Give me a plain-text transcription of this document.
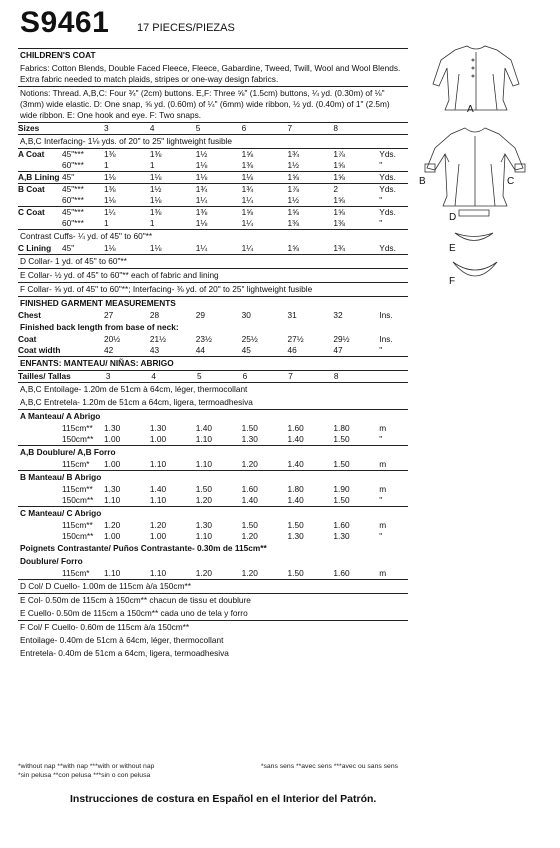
S9461	17 PIECES/PIEZAS
CHILDREN'S COAT
Fabrics: Cotton Blends, Double Faced Fleece, Fleece, Gabardine, Tweed, Twill, Wool and Wool Blends. Extra fabric needed to match plaids, stripes or one-way design fabrics.
Notions: Thread. A,B,C: Four ¾" (2cm) buttons. E,F: Three ⅝" (1.5cm) buttons, ¼ yd. (0.30m) of ⅛" (3mm) wide elastic. D: One snap, ⅝ yd. (0.60m) of ¼" (6mm) wide ribbon, ½ yd. (0.40m) of 1" (2.5m) wide ribbon. E: One hook and eye. F: Two snaps.
Sizes	3	4	5	6	7	8
A,B,C Interfacing- 1⅛ yds. of 20" to 25" lightweight fusible
A Coat	45"***	1⅜	1⅜	1½	1⅝	1¾	1⅞	Yds.
60"***	1	1	1⅛	1⅜	1½	1⅝	"
A,B Lining 45"	1⅛	1⅛	1⅛	1⅛	1⅝	1⅝	Yds.
B Coat	45"***	1⅜	1½	1¾	1¾	1⅞	2	Yds.
60"***	1⅛	1⅛	1¼	1¼	1½	1⅝	"
C Coat	45"***	1¼	1⅜	1⅜	1⅝	1⅝	1⅝	Yds.
60"***	1	1	1⅛	1¼	1⅜	1⅜	"
Contrast Cuffs- ¼ yd. of 45" to 60"**
C Lining	45"	1⅛	1⅛	1¼	1¼	1⅝	1¾	Yds.
D Collar- 1 yd. of 45" to 60"**
E Collar- ½ yd. of 45" to 60"** each of fabric and lining
F Collar- ⅝ yd. of 45" to 60"**; Interfacing- ⅜ yd. of 20" to 25" lightweight fusible
FINISHED GARMENT MEASUREMENTS
Chest	27	28	29	30	31	32	Ins.
Finished back length from base of neck:
Coat	20½	21½	23½	25½	27½	29½	Ins.
Coat width	42	43	44	45	46	47	"
ENFANTS: MANTEAU/ NIÑAS: ABRIGO
Tailles/ Tallas	3	4	5	6	7	8
A,B,C Entoilage- 1.20m de 51cm à 64cm, léger, thermocollant
A,B,C Entretela- 1.20m de 51cm a 64cm, ligera, termoadhesiva
A Manteau/ A Abrigo
115cm**	1.30	1.30	1.40	1.50	1.60	1.80	m
150cm**	1.00	1.00	1.10	1.30	1.40	1.50	"
A,B Doublure/ A,B Forro
115cm*	1.00	1.10	1.10	1.20	1.40	1.50	m
B Manteau/ B Abrigo
115cm**	1.30	1.40	1.50	1.60	1.80	1.90	m
150cm**	1.10	1.10	1.20	1.40	1.40	1.50	"
C Manteau/ C Abrigo
115cm**	1.20	1.20	1.30	1.50	1.50	1.60	m
150cm**	1.00	1.00	1.10	1.20	1.30	1.30	"
Poignets Contrastante/ Puños Contrastante- 0.30m de 115cm**
Doublure/ Forro
115cm*	1.10	1.10	1.20	1.20	1.50	1.60	m
D Col/ D Cuello- 1.00m de 115cm à/a 150cm**
E Col- 0.50m de 115cm à 150cm** chacun de tissu et doublure
E Cuello- 0.50m de 115cm a 150cm** cada uno de tela y forro
F Col/ F Cuello- 0.60m de 115cm à/a 150cm**
Entoilage- 0.40m de 51cm à 64cm, léger, thermocollant
Entretela- 0.40m de 51cm a 64cm, ligera, termoadhesiva
A
B	C
D
E
F
*without nap **with nap ***with or without nap
*sin pelusa **con pelusa ***sin o con pelusa
*sans sens **avec sens ***avec ou sans sens
Instrucciones de costura en Español en el Interior del Patrón.
